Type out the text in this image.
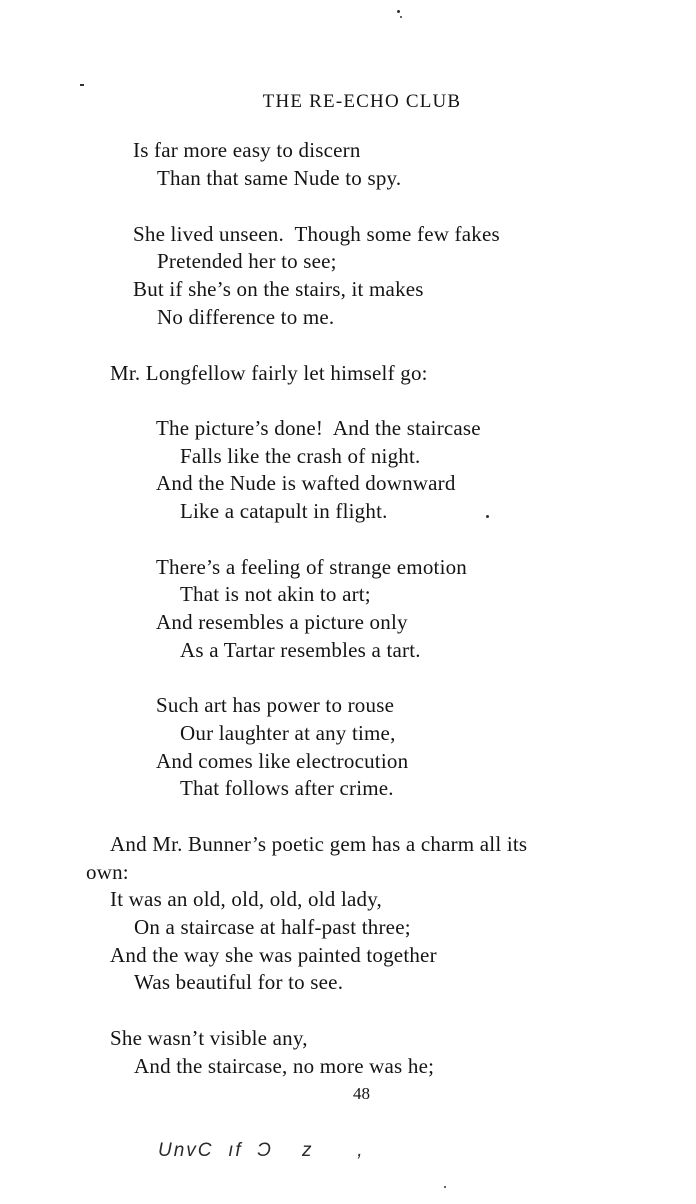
THE RE-ECHO CLUB
Is far more easy to discern
Than that same Nude to spy.
She lived unseen.  Though some few fakes
Pretended her to see;
But if she’s on the stairs, it makes
No difference to me.
Mr. Longfellow fairly let himself go:
The picture’s done!  And the staircase
Falls like the crash of night.
And the Nude is wafted downward
Like a catapult in flight.
There’s a feeling of strange emotion
That is not akin to art;
And resembles a picture only
As a Tartar resembles a tart.
Such art has power to rouse
Our laughter at any time,
And comes like electrocution
That follows after crime.
And Mr. Bunner’s poetic gem has a charm all its
own:
It was an old, old, old, old lady,
On a staircase at half-past three;
And the way she was painted together
Was beautiful for to see.
She wasn’t visible any,
And the staircase, no more was he;
48
UnvC  ıf  Ɔ    z      ,
